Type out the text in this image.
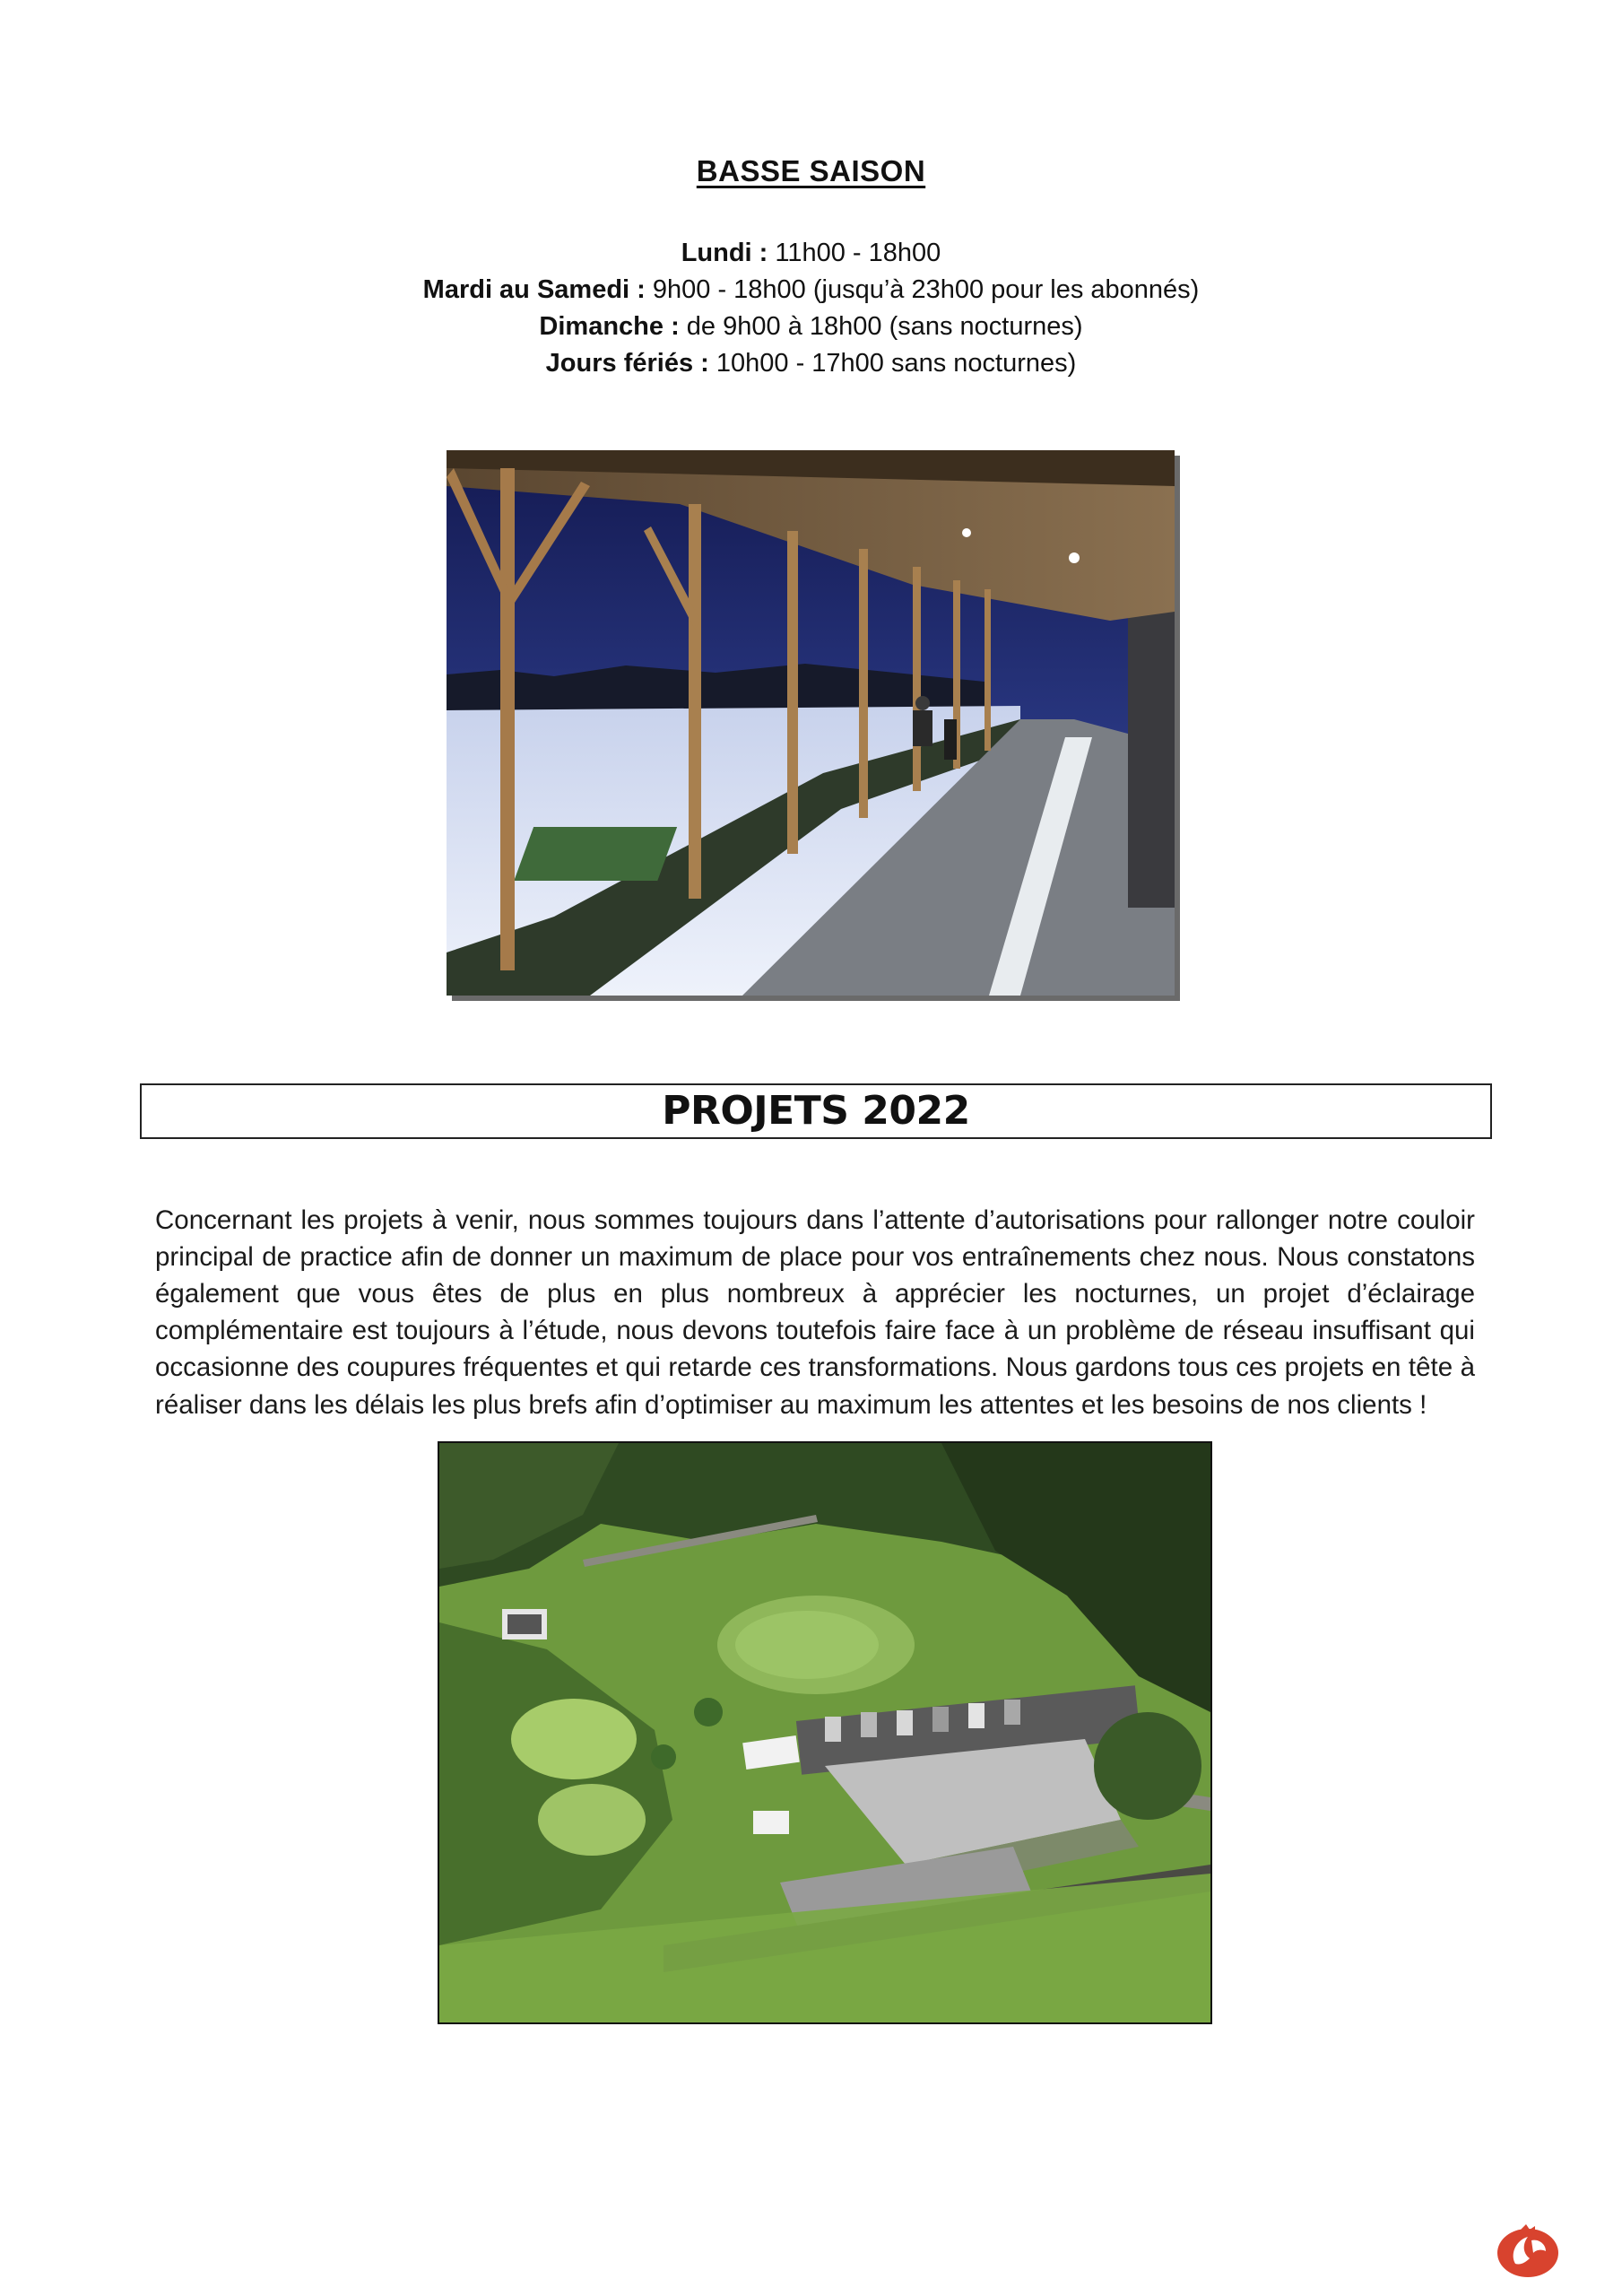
BASSE SAISON
Lundi : 11h00 - 18h00
Mardi au Samedi : 9h00 - 18h00 (jusqu’à 23h00 pour les abonnés)
Dimanche : de 9h00 à 18h00 (sans nocturnes)
Jours fériés : 10h00 - 17h00 sans nocturnes)
PROJETS 2022

Concernant les projets à venir, nous sommes toujours dans l’attente d’autorisations pour rallonger notre couloir principal de practice afin de donner un maximum de place pour vos entraînements chez nous. Nous constatons également que vous êtes de plus en plus nombreux à apprécier les nocturnes, un projet d’éclairage complémentaire est toujours à l’étude, nous devons toutefois faire face à un problème de réseau insuffisant qui occasionne des coupures fréquentes et qui retarde ces transformations. Nous gardons tous ces projets en tête à réaliser dans les délais les plus brefs afin d’optimiser au maximum les attentes et les besoins de nos clients !
